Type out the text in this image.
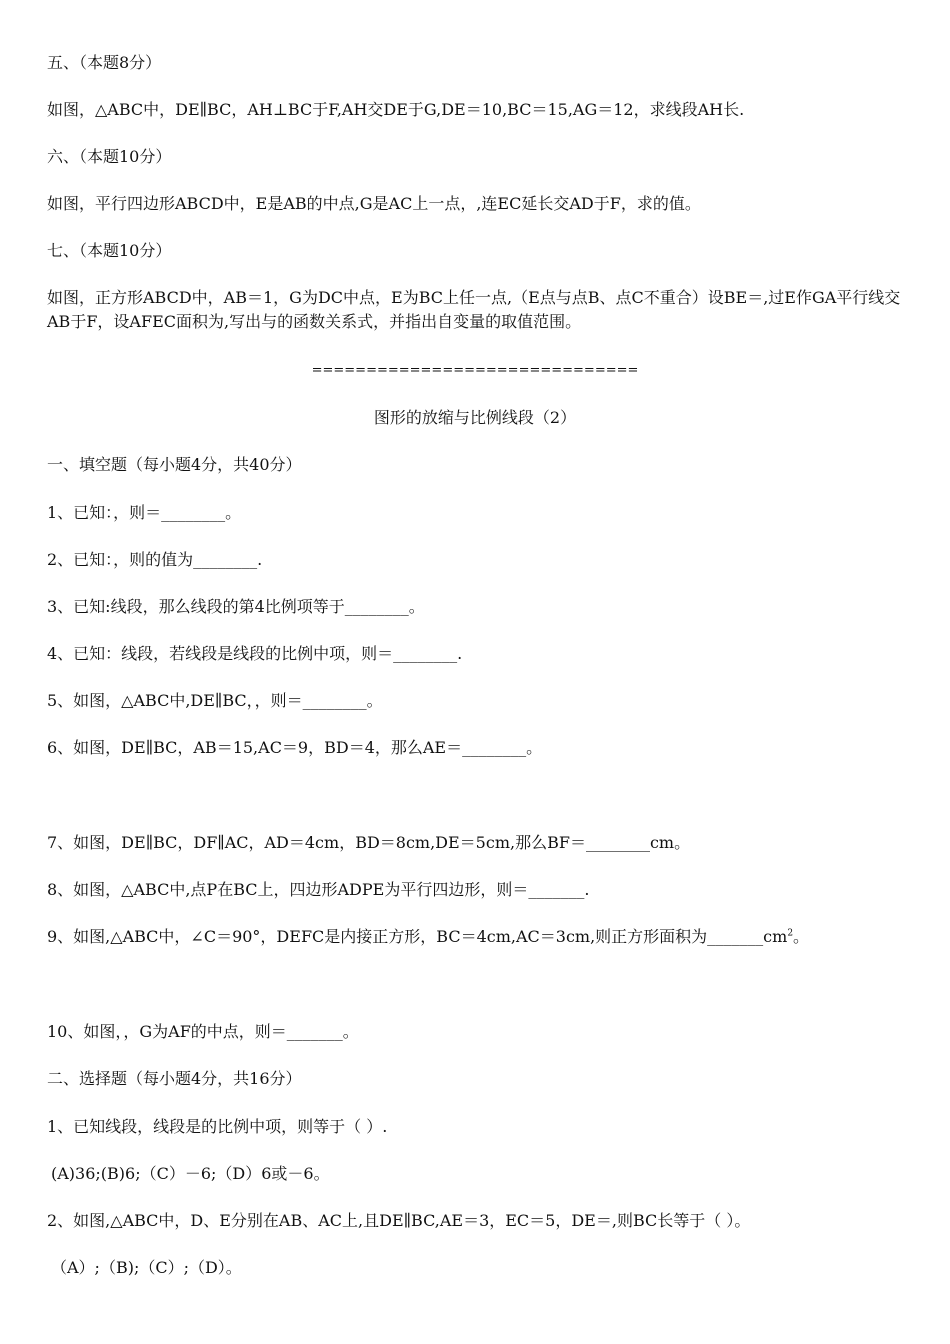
五、（本题8分）
如图，△ABC中，DE∥BC，AH⊥BC于F,AH交DE于G,DE＝10,BC＝15,AG＝12，求线段AH长.
六、（本题10分）
如图，平行四边形ABCD中，E是AB的中点,G是AC上一点，,连EC延长交AD于F，求的值。
七、（本题10分）
如图，正方形ABCD中，AB＝1，G为DC中点，E为BC上任一点,（E点与点B、点C不重合）设BE＝,过E作GA平行线交AB于F，设AFEC面积为,写出与的函数关系式，并指出自变量的取值范围。
==============================
图形的放缩与比例线段（2）
一、填空题（每小题4分，共40分）
1、已知：，则＝________。
2、已知：，则的值为________.
3、已知:线段，那么线段的第4比例项等于________。
4、已知：线段，若线段是线段的比例中项，则＝________.
5、如图，△ABC中,DE∥BC，，则＝________。
6、如图，DE∥BC，AB＝15,AC＝9，BD＝4，那么AE＝________。
7、如图，DE∥BC，DF∥AC，AD＝4cm，BD＝8cm,DE＝5cm,那么BF＝________cm。
8、如图，△ABC中,点P在BC上，四边形ADPE为平行四边形，则＝_______.
9、如图,△ABC中，∠C＝90°，DEFC是内接正方形，BC＝4cm,AC＝3cm,则正方形面积为$\_\_\_\_\_\_\_cm^2$。
10、如图，，G为AF的中点，则＝_______。
二、选择题（每小题4分，共16分）
1、已知线段，线段是的比例中项，则等于（ ）.
(A)36;(B)6;（C）－6;（D）6或－6。
2、如图,△ABC中，D、E分别在AB、AC上,且DE∥BC,AE＝3，EC＝5，DE＝,则BC长等于（ ）。
（A）;（B);（C）;（D）。
